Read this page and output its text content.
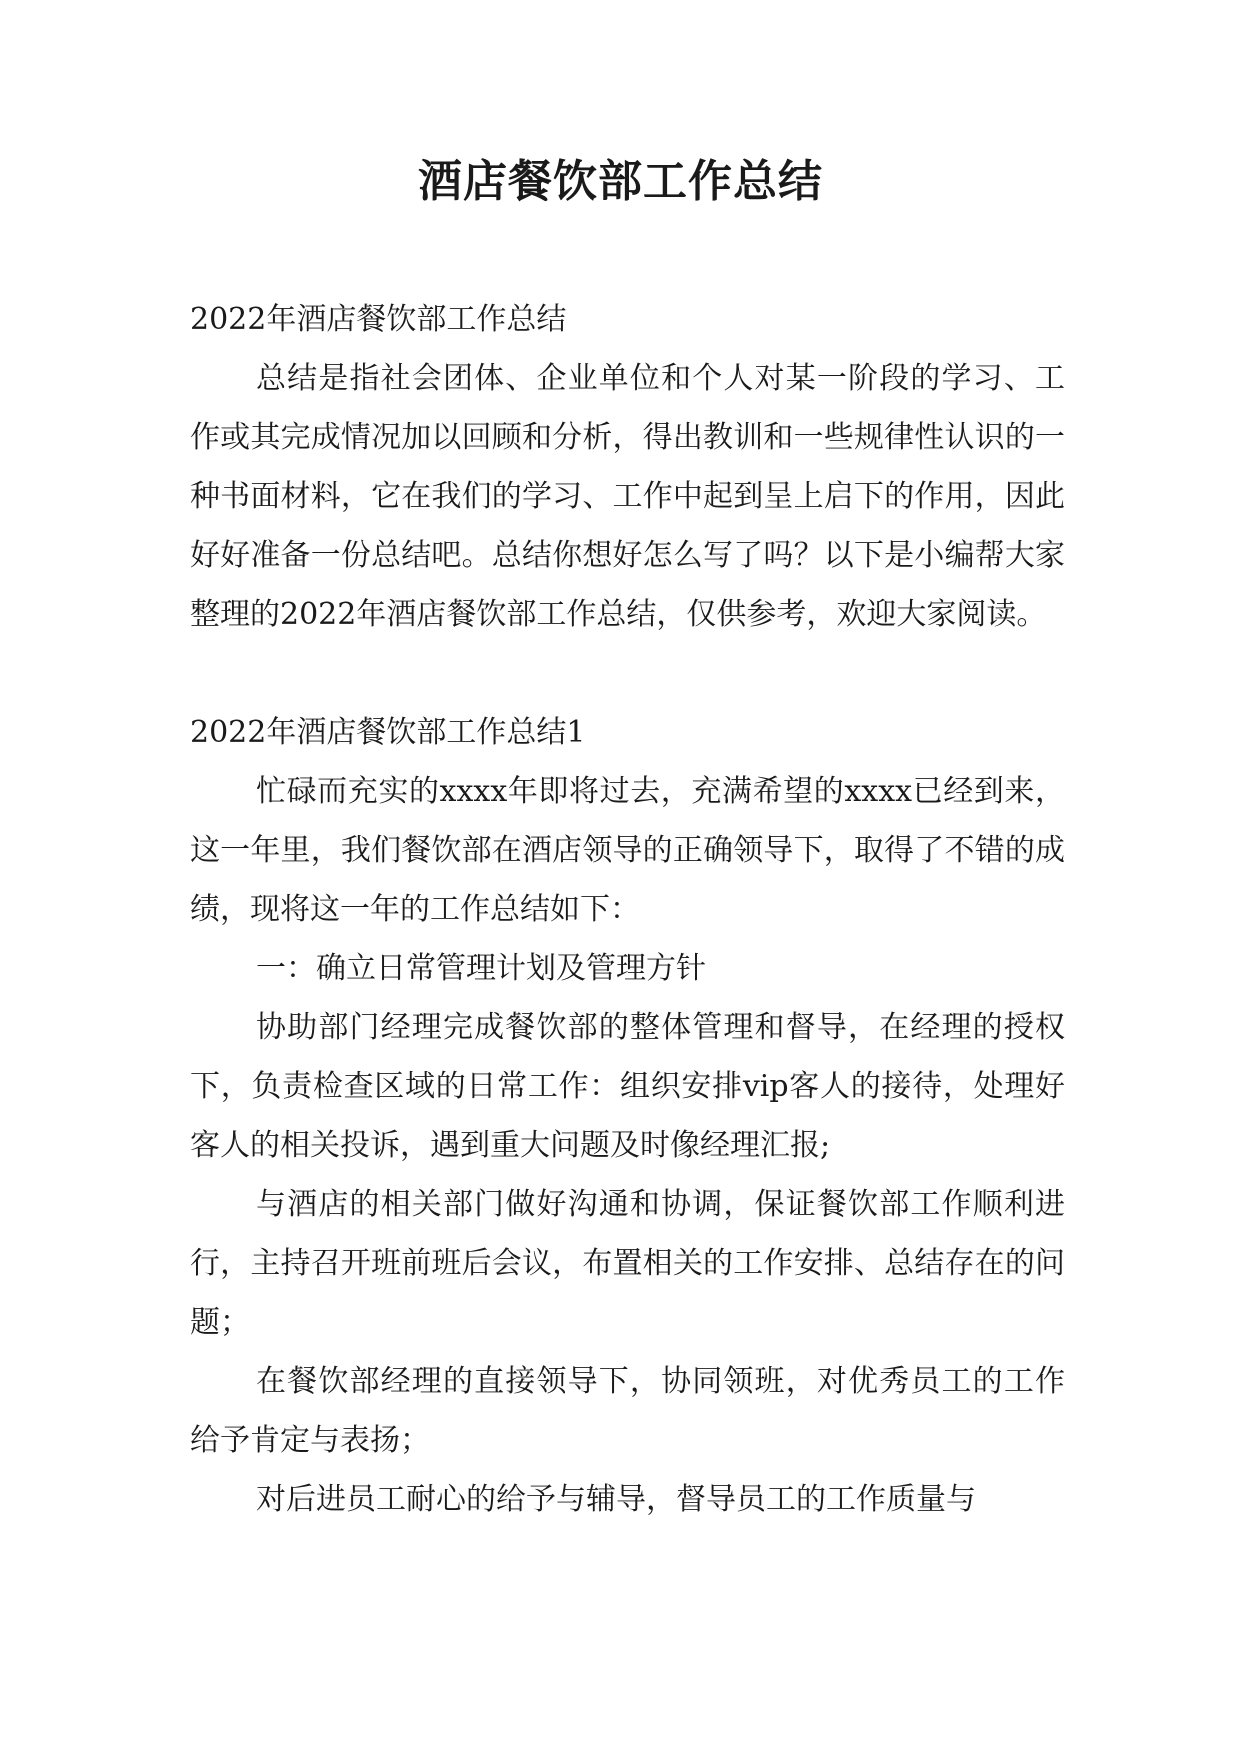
酒店餐饮部工作总结

2022年酒店餐饮部工作总结

总结是指社会团体、企业单位和个人对某一阶段的学习、工作或其完成情况加以回顾和分析，得出教训和一些规律性认识的一种书面材料，它在我们的学习、工作中起到呈上启下的作用，因此好好准备一份总结吧。总结你想好怎么写了吗？以下是小编帮大家整理的2022年酒店餐饮部工作总结，仅供参考，欢迎大家阅读。

2022年酒店餐饮部工作总结1

忙碌而充实的xxxx年即将过去，充满希望的xxxx已经到来，这一年里，我们餐饮部在酒店领导的正确领导下，取得了不错的成绩，现将这一年的工作总结如下：

一：确立日常管理计划及管理方针

协助部门经理完成餐饮部的整体管理和督导，在经理的授权下，负责检查区域的日常工作：组织安排vip客人的接待，处理好客人的相关投诉，遇到重大问题及时像经理汇报;

与酒店的相关部门做好沟通和协调，保证餐饮部工作顺利进行，主持召开班前班后会议，布置相关的工作安排、总结存在的问题；

在餐饮部经理的直接领导下，协同领班，对优秀员工的工作给予肯定与表扬；

对后进员工耐心的给予与辅导，督导员工的工作质量与
